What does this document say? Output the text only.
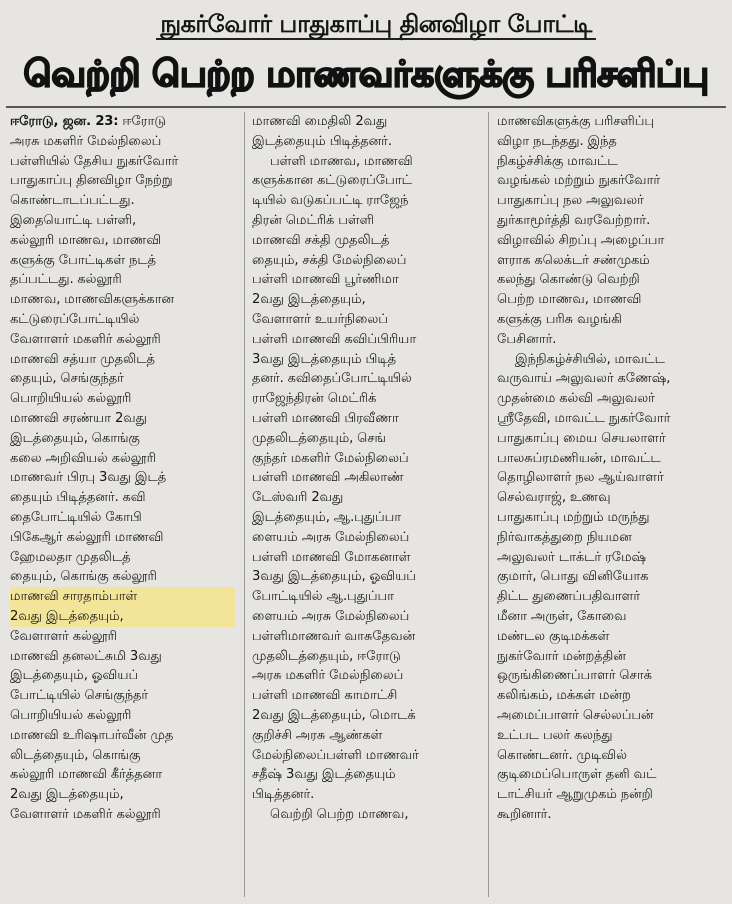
நுகர்வோர் பாதுகாப்பு தினவிழா போட்டி
வெற்றி பெற்ற மாணவர்களுக்கு பரிசளிப்பு

ஈரோடு, ஜன. 23: ஈரோடு

அரசு மகளிர் மேல்நிலைப்

பள்ளியில் தேசிய நுகர்வோர்

பாதுகாப்பு தினவிழா நேற்று

கொண்டாடப்பட்டது.

இதையொட்டி பள்ளி,

கல்லூரி மாணவ, மாணவி

களுக்கு போட்டிகள் நடத்

தப்பட்டது. கல்லூரி

மாணவ, மாணவிகளுக்கான

கட்டுரைப்போட்டியில்

வேளாளர் மகளிர் கல்லூரி

மாணவி சத்யா முதலிடத்

தையும், செங்குந்தர்

பொறியியல் கல்லூரி

மாணவி சரண்யா 2வது

இடத்தையும், கொங்கு

கலை அறிவியல் கல்லூரி

மாணவர் பிரபு 3வது இடத்

தையும் பிடித்தனர். கவி

தைபோட்டியில் கோபி

பிகேஆர் கல்லூரி மாணவி

ஹேமலதா முதலிடத்

தையும், கொங்கு கல்லூரி

மாணவி சாரதாம்பாள்

2வது இடத்தையும்,

வேளாளர் கல்லூரி

மாணவி தனலட்சுமி 3வது

இடத்தையும், ஓவியப்

போட்டியில் செங்குந்தர்

பொறியியல் கல்லூரி

மாணவி உரிஷாபர்வீன் முத

லிடத்தையும், கொங்கு

கல்லூரி மாணவி கீர்த்தனா

2வது இடத்தையும்,

வேளாளர் மகளிர் கல்லூரி

மாணவி மைதிலி 2வது

இடத்தையும் பிடித்தனர்.

பள்ளி மாணவ, மாணவி

களுக்கான கட்டுரைப்போட்

டியில் வடுகப்பட்டி ராஜேந்

திரன் மெட்ரிக் பள்ளி

மாணவி சக்தி முதலிடத்

தையும், சக்தி மேல்நிலைப்

பள்ளி மாணவி பூர்ணிமா

2வது இடத்தையும்,

வேளாளர் உயர்நிலைப்

பள்ளி மாணவி கவிப்பிரியா

3வது இடத்தையும் பிடித்

தனர். கவிதைப்போட்டியில்

ராஜேந்திரன் மெட்ரிக்

பள்ளி மாணவி பிரவீணா

முதலிடத்தையும், செங்

குந்தர் மகளிர் மேல்நிலைப்

பள்ளி மாணவி அகிலாண்

டேஸ்வரி 2வது

இடத்தையும், ஆ.புதுப்பா

ளையம் அரசு மேல்நிலைப்

பள்ளி மாணவி மோகனாள்

3வது இடத்தையும், ஓவியப்

போட்டியில் ஆ.புதுப்பா

ளையம் அரசு மேல்நிலைப்

பள்ளிமாணவர் வாசுதேவன்

முதலிடத்தையும், ஈரோடு

அரசு மகளிர் மேல்நிலைப்

பள்ளி மாணவி காமாட்சி

2வது இடத்தையும், மொடக்

குறிச்சி அரசு ஆண்கள்

மேல்நிலைப்பள்ளி மாணவர்

சதீஷ் 3வது இடத்தையும்

பிடித்தனர்.

வெற்றி பெற்ற மாணவ,

மாணவிகளுக்கு பரிசளிப்பு

விழா நடந்தது. இந்த

நிகழ்ச்சிக்கு மாவட்ட

வழங்கல் மற்றும் நுகர்வோர்

பாதுகாப்பு நல அலுவலர்

துர்காமூர்த்தி வரவேற்றார்.

விழாவில் சிறப்பு அழைப்பா

ளராக கலெக்டர் சண்முகம்

கலந்து கொண்டு வெற்றி

பெற்ற மாணவ, மாணவி

களுக்கு பரிசு வழங்கி

பேசினார்.

இந்நிகழ்ச்சியில், மாவட்ட

வருவாய் அலுவலர் கணேஷ்,

முதன்மை கல்வி அலுவலர்

ஸ்ரீதேவி, மாவட்ட நுகர்வோர்

பாதுகாப்பு மைய செயலாளர்

பாலசுப்ரமணியன், மாவட்ட

தொழிலாளர் நல ஆய்வாளர்

செல்வராஜ், உணவு

பாதுகாப்பு மற்றும் மருந்து

நிர்வாகத்துறை நியமன

அலுவலர் டாக்டர் ரமேஷ்

குமார், பொது வினியோக

திட்ட துணைப்பதிவாளர்

மீனா அருள், கோவை

மண்டல குடிமக்கள்

நுகர்வோர் மன்றத்தின்

ஒருங்கிணைப்பாளர் சொக்

கலிங்கம், மக்கள் மன்ற

அமைப்பாளர் செல்லப்பன்

உட்பட பலர் கலந்து

கொண்டனர். முடிவில்

குடிமைப்பொருள் தனி வட்

டாட்சியர் ஆறுமுகம் நன்றி

கூறினார்.
